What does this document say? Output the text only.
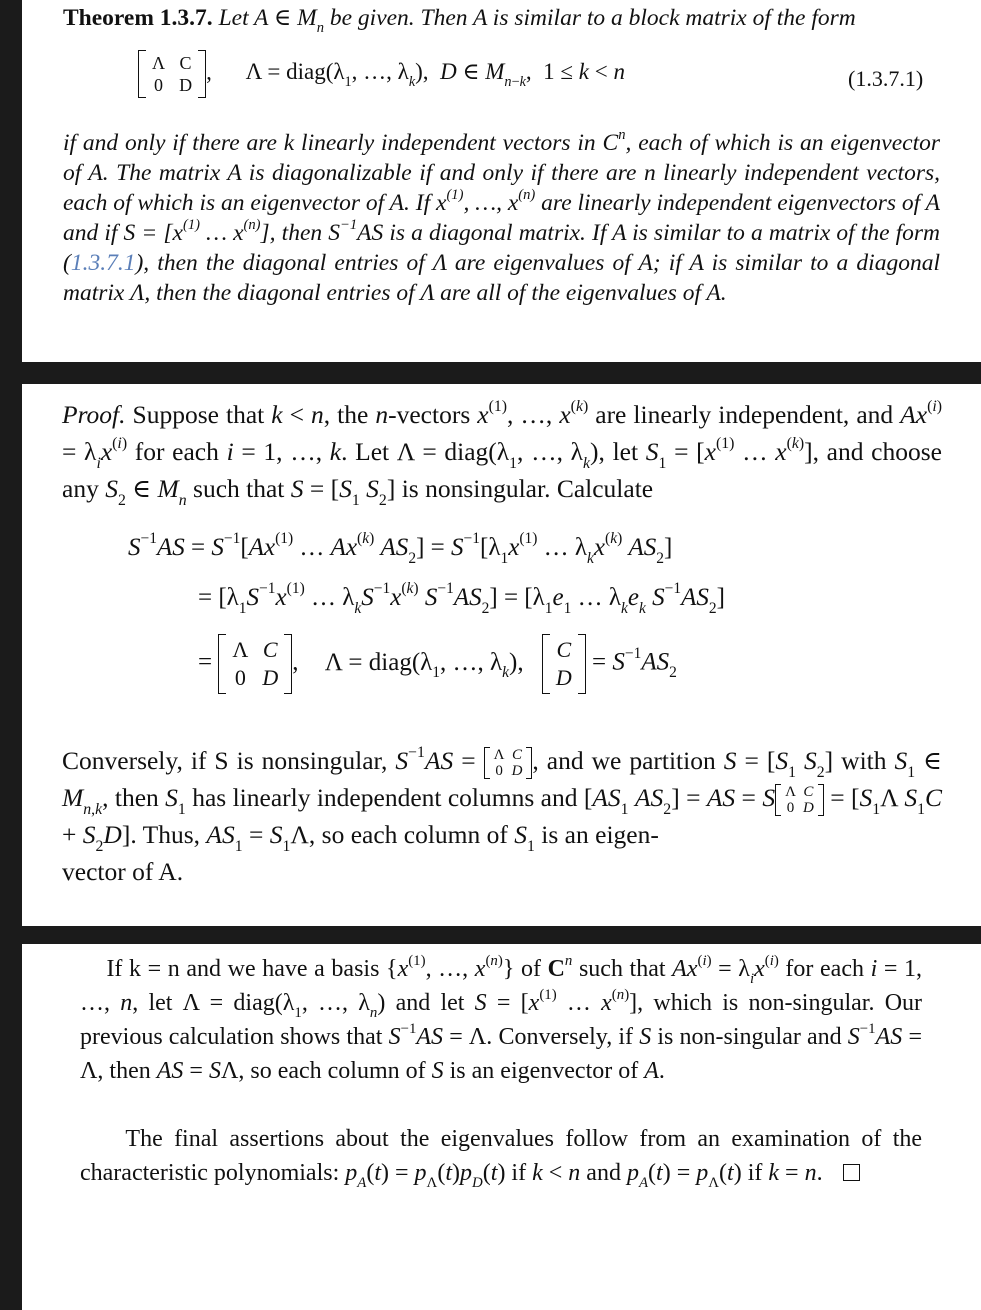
Theorem 1.3.7. Let A ∈ $M_n$ be given. Then A is similar to a block matrix of the form
Λ C
0 D
, $\Lambda = diag(\lambda_1$, …, $\lambda_k$),  D ∈ $M_{n-k}$,  1 ≤ k < n	(1.3.7.1)
if and only if there are k linearly independent vectors in $C^n$, each of which is an eigenvector of A. The matrix A is diagonalizable if and only if there are n linearly independent vectors, each of which is an eigenvector of A. If $x^{(1)}$, …, $x^{(n)}$ are linearly independent eigenvectors of A and if $S = [x^{(1)}$ … $x^{(n)}$], then $S^{-1}AS$ is a diagonal matrix. If A is similar to a matrix of the form (1.3.7.1), then the diagonal entries of Λ are eigenvalues of A; if A is similar to a diagonal matrix Λ, then the diagonal entries of Λ are all of the eigenvalues of A.
Proof. Suppose that k < n, the n-vectors $x^{(1)}$, …, $x^{(k)}$ are linearly independent, and $Ax^{(i)} = \lambda_ix^{(i)}$ for each i = 1, …, k. Let $\Lambda = diag(\lambda_1$, …, $\lambda_k$), let $S_1 = [x^{(1)}$ … $x^{(k)}$], and choose any $S_2$ ∈ $M_n$ such that $S = [S_1$ $S_2$] is nonsingular. Calculate
$S^{-1}AS = S^{-1}[Ax^{(1)}$ … Ax$^{(k)}$ $AS_2] = S^{-1}[\lambda_1x^{(1)}$ … $\lambda_kx^{(k)}$ $AS_2$]
= [$\lambda_1S^{-1}x^{(1)}$ … $\lambda_kS^{-1}x^{(k)}$ $S^{-1}AS_2] = [\lambda_1e_1$ … $\lambda_ke_k$ $S^{-1}AS_2$]
= Λ C
0 D
, $\Lambda = diag(\lambda_1$, …, $\lambda_k$), C
D
= $S^{-1}AS_2$
Conversely, if S is nonsingular, $S^{-1}AS = \Lambda$ C
0 D , and we partition $S = [S_1$ $S_2$] with $S_1$ ∈ $M_{n,k}$, then $S_1$ has linearly independent columns and [$AS_1$ $AS_2$] = AS = S Λ C
0 $D = [S_1\Lambda$ $S_1C + S_2D$]. Thus, $AS_1 = S_1\Lambda$, so each column of $S_1$ is an eigen-
vector of A.
If k = n and we have a basis {$x^{(1)}$, …, $x^{(n)}$} of $C^n$ such that $Ax^{(i)} = \lambda_ix^{(i)}$ for each i = 1, …, n, let $\Lambda = diag(\lambda_1$, …, $\lambda_n$) and let $S = [x^{(1)}$ … $x^{(n)}$], which is non-singular. Our previous calculation shows that $S^{-1}AS = \Lambda$. Conversely, if S is non-singular and $S^{-1}AS = \Lambda$, then AS = SΛ, so each column of S is an eigenvector of A.
The final assertions about the eigenvalues follow from an examination of the characteristic polynomials: $p_A(t) = p_\Lambda(t)p_D(t)$ if k < n and $p_A(t) = p_\Lambda(t)$ if k = n.
